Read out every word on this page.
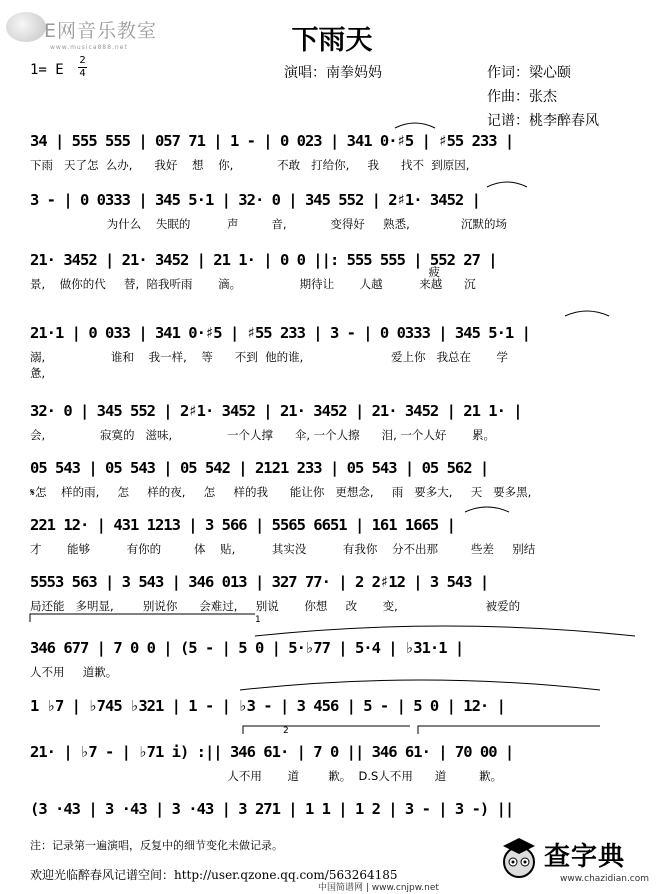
E网音乐教室
www.musica888.net	下雨天
1= E
2
4	演唱：南拳妈妈	作词：梁心颐
作曲：张杰
记谱：桃李醉春风
34 | 555 555 | 057 71 | 1 - | 0 023 | 341 0·♯5 | ♯55 233 |
下雨   天了怎  么办,      我好    想    你,            不敢   打给你,     我      找不  到原因,
3 - | 0 0333 | 345 5·1 | 32· 0 | 345 552 | 2♯1· 3452 |
为什么    失眠的          声         音,            变得好     熟悉,              沉默的场
21· 3452 | 21· 3452 | 21 1· | 0 0 ||: 555 555 | 552 27 |
景,    做你的代     替,  陪我听雨       滴。                期待让       人越          来越      沉
疲
21·1 | 0 033 | 341 0·♯5 | ♯55 233 | 3 - | 0 0333 | 345 5·1 |
溺,                  谁和    我一样,    等      不到  他的谁,                        爱上你   我总在       学
惫,
32· 0 | 345 552 | 2♯1· 3452 | 21· 3452 | 21· 3452 | 21 1· |
会,               寂寞的   滋味,               一个人撑      伞, 一个人擦      泪, 一个人好       累。
05 543 | 05 543 | 05 542 | 2121 233 | 05 543 | 05 562 |
𝄋怎    样的雨,     怎     样的夜,     怎     样的我      能让你   更想念,     雨   要多大,     天   要多黑,
221 12· | 431 1213 | 3 566 | 5565 6651 | 161 1665 |
才       能够          有你的         体    贴,          其实没          有我你    分不出那         些差     别结
5553 563 | 3 543 | 346 013 | 327 77· | 2 2♯12 | 3 543 |
局还能   多明显,        别说你      会难过,     别说       你想     改       变,                        被爱的
346 677 | 7 0 0 | (5 - | 5 0 | 5·♭77 | 5·4 | ♭31·1 |
人不用     道歉。
1 ♭7 | ♭745 ♭321 | 1 - | ♭3 - | 3 456 | 5 - | 5 0 | 12· |
21· | ♭7 - | ♭71 i) :|| 346 61· | 7 0 || 346 61· | 70 00 |
人不用       道        歉。  D.S人不用      道         歉。
(3 ·43 | 3 ·43 | 3 ·43 | 3 271 | 1 1 | 1 2 | 3 - | 3 -) ||
1
2
注：记录第一遍演唱，反复中的细节变化未做记录。
欢迎光临醉春风记谱空间：http://user.qzone.qq.com/563264185
中国简谱网 | www.cnjpw.net
查字典
www.chazidian.com
